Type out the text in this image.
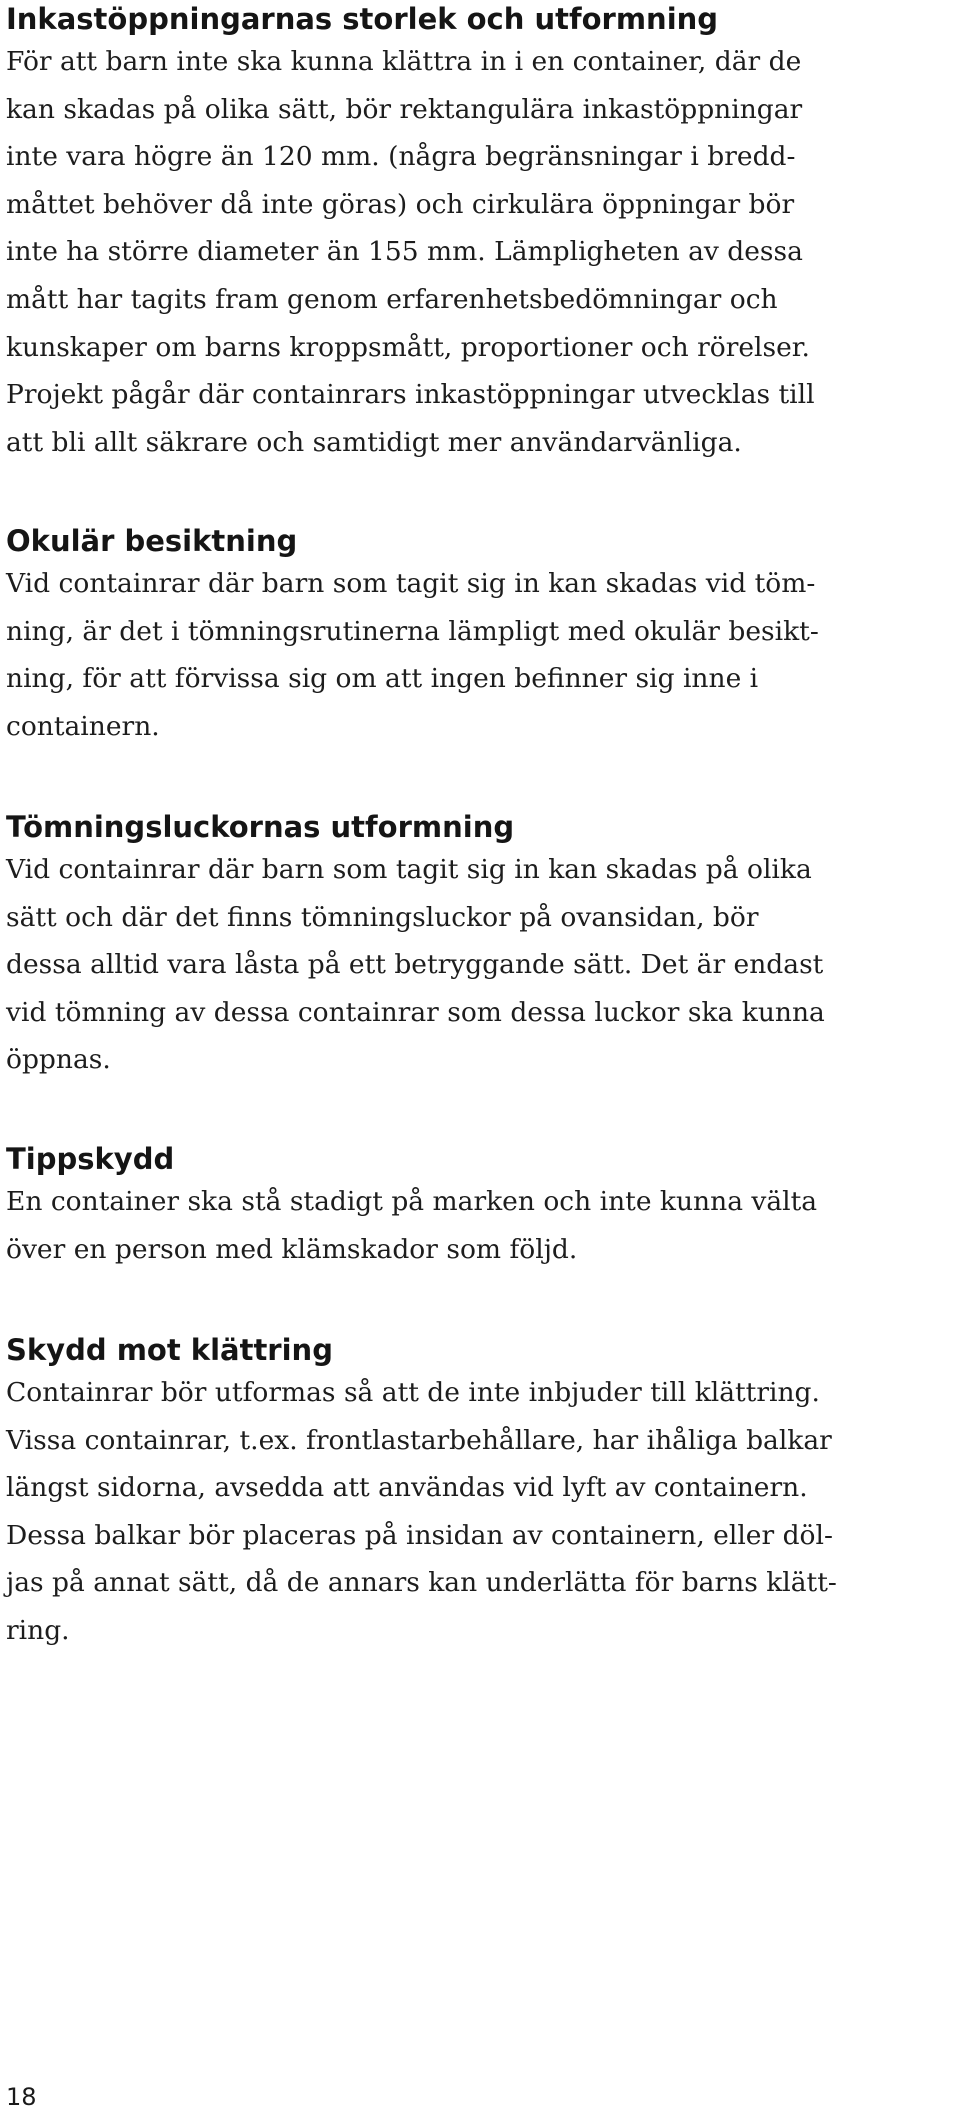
Inkastöppningarnas storlek och utformning

För att barn inte ska kunna klättra in i en container, där de
kan skadas på olika sätt, bör rektangulära inkastöppningar
inte vara högre än 120 mm. (några begränsningar i bredd-
måttet behöver då inte göras) och cirkulära öppningar bör
inte ha större diameter än 155 mm. Lämpligheten av dessa
mått har tagits fram genom erfarenhetsbedömningar och
kunskaper om barns kroppsmått, proportioner och rörelser.
Projekt pågår där containrars inkastöppningar utvecklas till
att bli allt säkrare och samtidigt mer användarvänliga.

Okulär besiktning

Vid containrar där barn som tagit sig in kan skadas vid töm-
ning, är det i tömningsrutinerna lämpligt med okulär besikt-
ning, för att förvissa sig om att ingen befinner sig inne i
containern.

Tömningsluckornas utformning

Vid containrar där barn som tagit sig in kan skadas på olika
sätt och där det finns tömningsluckor på ovansidan, bör
dessa alltid vara låsta på ett betryggande sätt. Det är endast
vid tömning av dessa containrar som dessa luckor ska kunna
öppnas.

Tippskydd

En container ska stå stadigt på marken och inte kunna välta
över en person med klämskador som följd.

Skydd mot klättring

Containrar bör utformas så att de inte inbjuder till klättring.
Vissa containrar, t.ex. frontlastarbehållare, har ihåliga balkar
längst sidorna, avsedda att användas vid lyft av containern.
Dessa balkar bör placeras på insidan av containern, eller döl-
jas på annat sätt, då de annars kan underlätta för barns klätt-
ring.

18
